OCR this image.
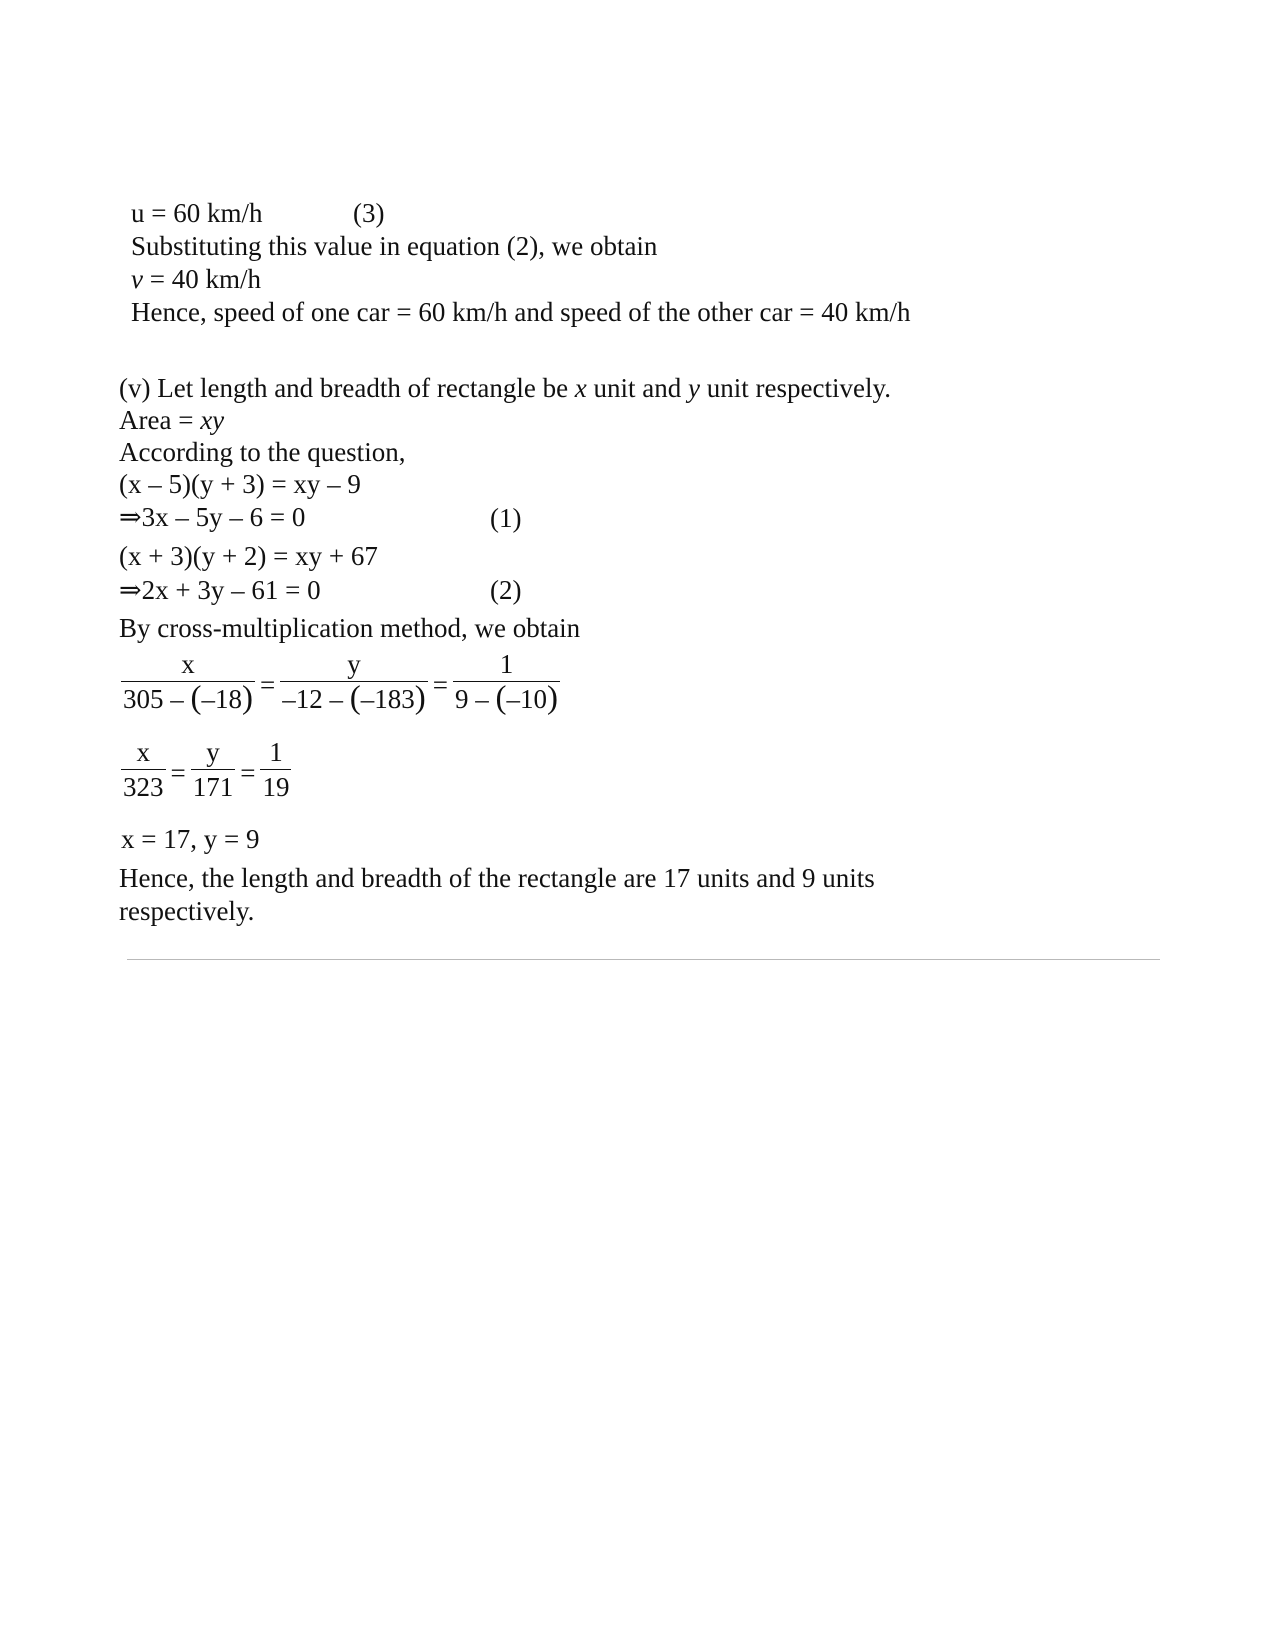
u = 60 km/h	(3)
Substituting this value in equation (2), we obtain
v = 40 km/h
Hence, speed of one car = 60 km/h and speed of the other car = 40 km/h
(v) Let length and breadth of rectangle be x unit and y unit respectively.
Area = xy
According to the question,
(x – 5)(y + 3) = xy – 9
⇒3x – 5y – 6 = 0	(1)
(x + 3)(y + 2) = xy + 67
⇒2x + 3y – 61 = 0	(2)
By cross-multiplication method, we obtain
$\frac{x}{305 - (-18)} = \frac{y}{-12 - (-183)} = \frac{1}{9 - (-10)}$
$\frac{x}{323} = \frac{y}{171} = \frac{1}{19}$
x = 17, y = 9
Hence, the length and breadth of the rectangle are 17 units and 9 units
respectively.
